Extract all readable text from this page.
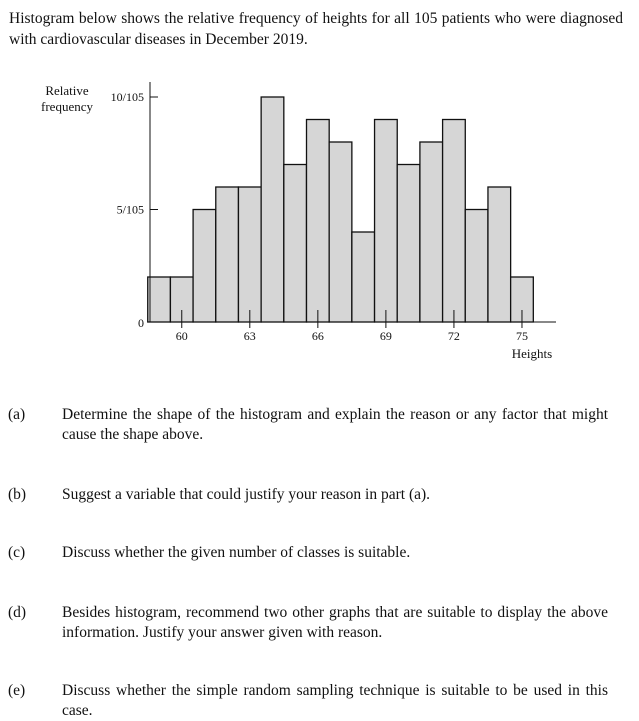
Histogram below shows the relative frequency of heights for all 105 patients who were diagnosed with cardiovascular diseases in December 2019.

0
5/105
10/105
60	63	66	69	72	75
Relative
frequency
Heights
(a) Determine the shape of the histogram and explain the reason or any factor that might cause the shape above.
(b) Suggest a variable that could justify your reason in part (a).
(c) Discuss whether the given number of classes is suitable.
(d) Besides histogram, recommend two other graphs that are suitable to display the above information. Justify your answer given with reason.
(e) Discuss whether the simple random sampling technique is suitable to be used in this case.
